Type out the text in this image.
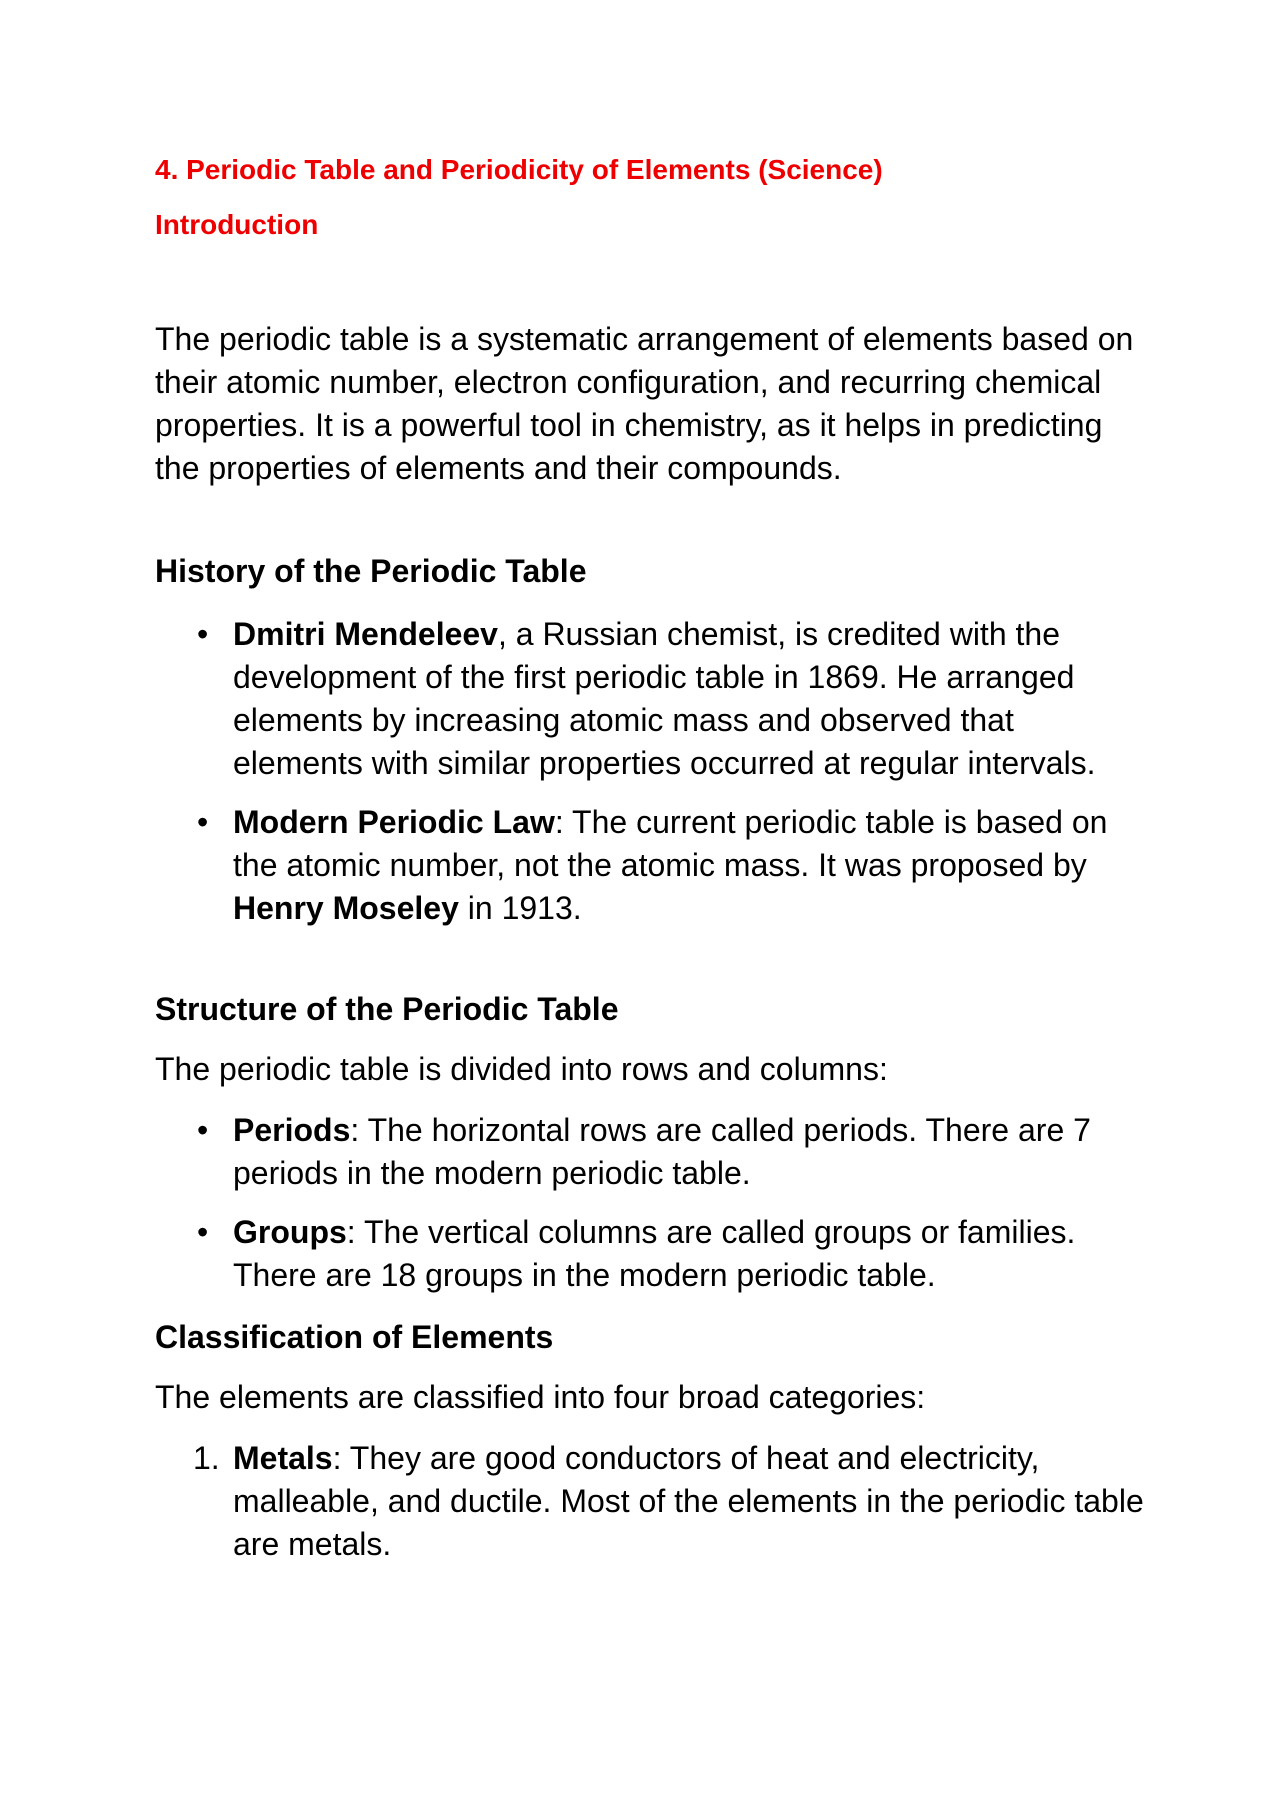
4. Periodic Table and Periodicity of Elements (Science)
Introduction

The periodic table is a systematic arrangement of elements based on their atomic number, electron configuration, and recurring chemical properties. It is a powerful tool in chemistry, as it helps in predicting the properties of elements and their compounds.

History of the Periodic Table
• Dmitri Mendeleev, a Russian chemist, is credited with the development of the first periodic table in 1869. He arranged elements by increasing atomic mass and observed that elements with similar properties occurred at regular intervals.
• Modern Periodic Law: The current periodic table is based on the atomic number, not the atomic mass. It was proposed by Henry Moseley in 1913.
Structure of the Periodic Table

The periodic table is divided into rows and columns:

• Periods: The horizontal rows are called periods. There are 7 periods in the modern periodic table.
• Groups: The vertical columns are called groups or families. There are 18 groups in the modern periodic table.
Classification of Elements

The elements are classified into four broad categories:

1. Metals: They are good conductors of heat and electricity, malleable, and ductile. Most of the elements in the periodic table are metals.
